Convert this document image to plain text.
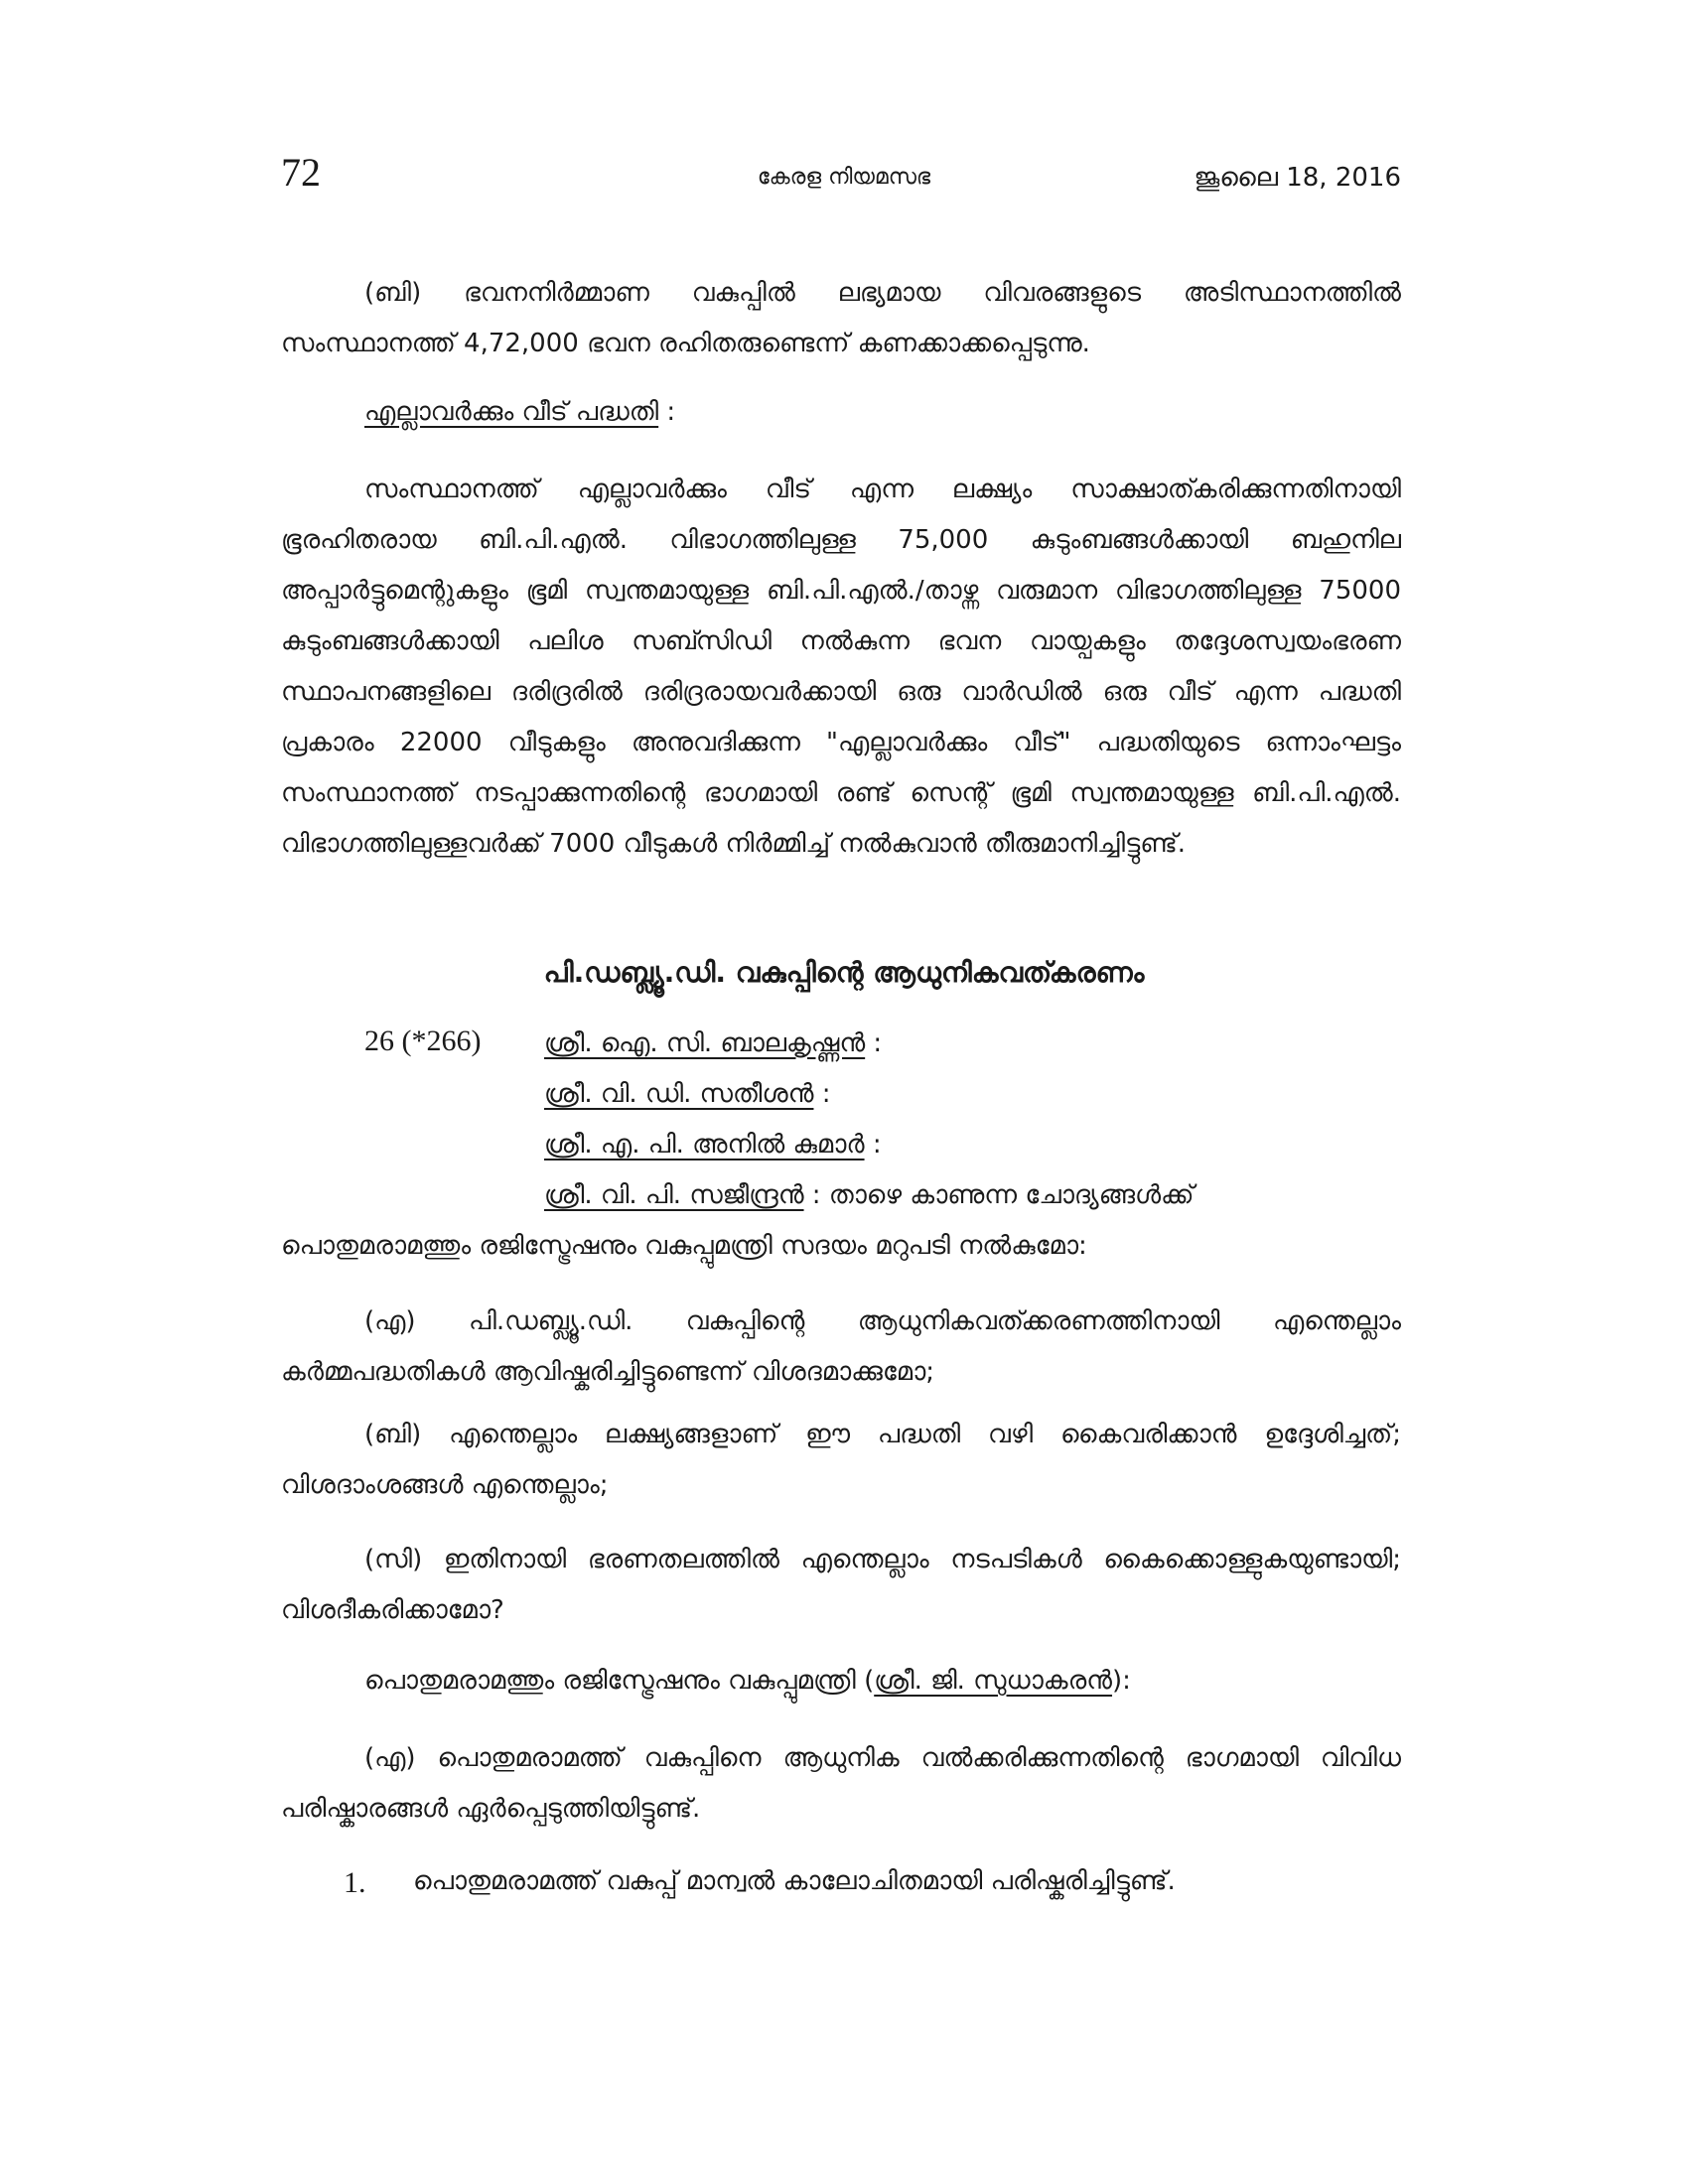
72	കേരള നിയമസഭ	ജൂലൈ 18, 2016
(ബി) ഭവനനിർമ്മാണ വകുപ്പിൽ ലഭ്യമായ വിവരങ്ങളുടെ അടിസ്ഥാനത്തിൽ സംസ്ഥാനത്ത് 4,72,000 ഭവന രഹിതരുണ്ടെന്ന് കണക്കാക്കപ്പെടുന്നു.
എല്ലാവർക്കും വീട് പദ്ധതി :
സംസ്ഥാനത്ത് എല്ലാവർക്കും വീട് എന്ന ലക്ഷ്യം സാക്ഷാത്കരിക്കുന്നതിനായി ഭൂരഹിതരായ ബി.പി.എൽ. വിഭാഗത്തിലുള്ള 75,000 കുടുംബങ്ങൾക്കായി ബഹുനില അപ്പാർട്ടുമെന്റുകളും ഭൂമി സ്വന്തമായുള്ള ബി.പി.എൽ./താഴ്ന്ന വരുമാന വിഭാഗത്തിലുള്ള 75000 കുടുംബങ്ങൾക്കായി പലിശ സബ്സിഡി നൽകുന്ന ഭവന വായ്പകളും തദ്ദേശസ്വയംഭരണ സ്ഥാപനങ്ങളിലെ ദരിദ്രരിൽ ദരിദ്രരായവർക്കായി ഒരു വാർഡിൽ ഒരു വീട് എന്ന പദ്ധതി പ്രകാരം 22000 വീടുകളും അനുവദിക്കുന്ന "എല്ലാവർക്കും വീട്" പദ്ധതിയുടെ ഒന്നാംഘട്ടം സംസ്ഥാനത്ത് നടപ്പാക്കുന്നതിന്റെ ഭാഗമായി രണ്ട് സെന്റ് ഭൂമി സ്വന്തമായുള്ള ബി.പി.എൽ. വിഭാഗത്തിലുള്ളവർക്ക് 7000 വീടുകൾ നിർമ്മിച്ച് നൽകുവാൻ തീരുമാനിച്ചിട്ടുണ്ട്.
പി.ഡബ്ല്യൂ.ഡി. വകുപ്പിന്റെ ആധുനികവത്കരണം
26 (*266) ശ്രീ. ഐ. സി. ബാലകൃഷ്ണൻ :
ശ്രീ. വി. ഡി. സതീശൻ :
ശ്രീ. എ. പി. അനിൽ കുമാർ :
ശ്രീ. വി. പി. സജീന്ദ്രൻ : താഴെ കാണുന്ന ചോദ്യങ്ങൾക്ക്
പൊതുമരാമത്തും രജിസ്ട്രേഷനും വകുപ്പുമന്ത്രി സദയം മറുപടി നൽകുമോ:
(എ) പി.ഡബ്ല്യൂ.ഡി. വകുപ്പിന്റെ ആധുനികവത്ക്കരണത്തിനായി എന്തെല്ലാം കർമ്മപദ്ധതികൾ ആവിഷ്കരിച്ചിട്ടുണ്ടെന്ന് വിശദമാക്കുമോ;
(ബി) എന്തെല്ലാം ലക്ഷ്യങ്ങളാണ് ഈ പദ്ധതി വഴി കൈവരിക്കാൻ ഉദ്ദേശിച്ചത്; വിശദാംശങ്ങൾ എന്തെല്ലാം;
(സി) ഇതിനായി ഭരണതലത്തിൽ എന്തെല്ലാം നടപടികൾ കൈക്കൊള്ളുകയുണ്ടായി; വിശദീകരിക്കാമോ?
പൊതുമരാമത്തും രജിസ്ട്രേഷനും വകുപ്പുമന്ത്രി (ശ്രീ. ജി. സുധാകരൻ):
(എ) പൊതുമരാമത്ത് വകുപ്പിനെ ആധുനിക വൽക്കരിക്കുന്നതിന്റെ ഭാഗമായി വിവിധ പരിഷ്കാരങ്ങൾ ഏർപ്പെടുത്തിയിട്ടുണ്ട്.
1. പൊതുമരാമത്ത് വകുപ്പ് മാന്വൽ കാലോചിതമായി പരിഷ്കരിച്ചിട്ടുണ്ട്.
